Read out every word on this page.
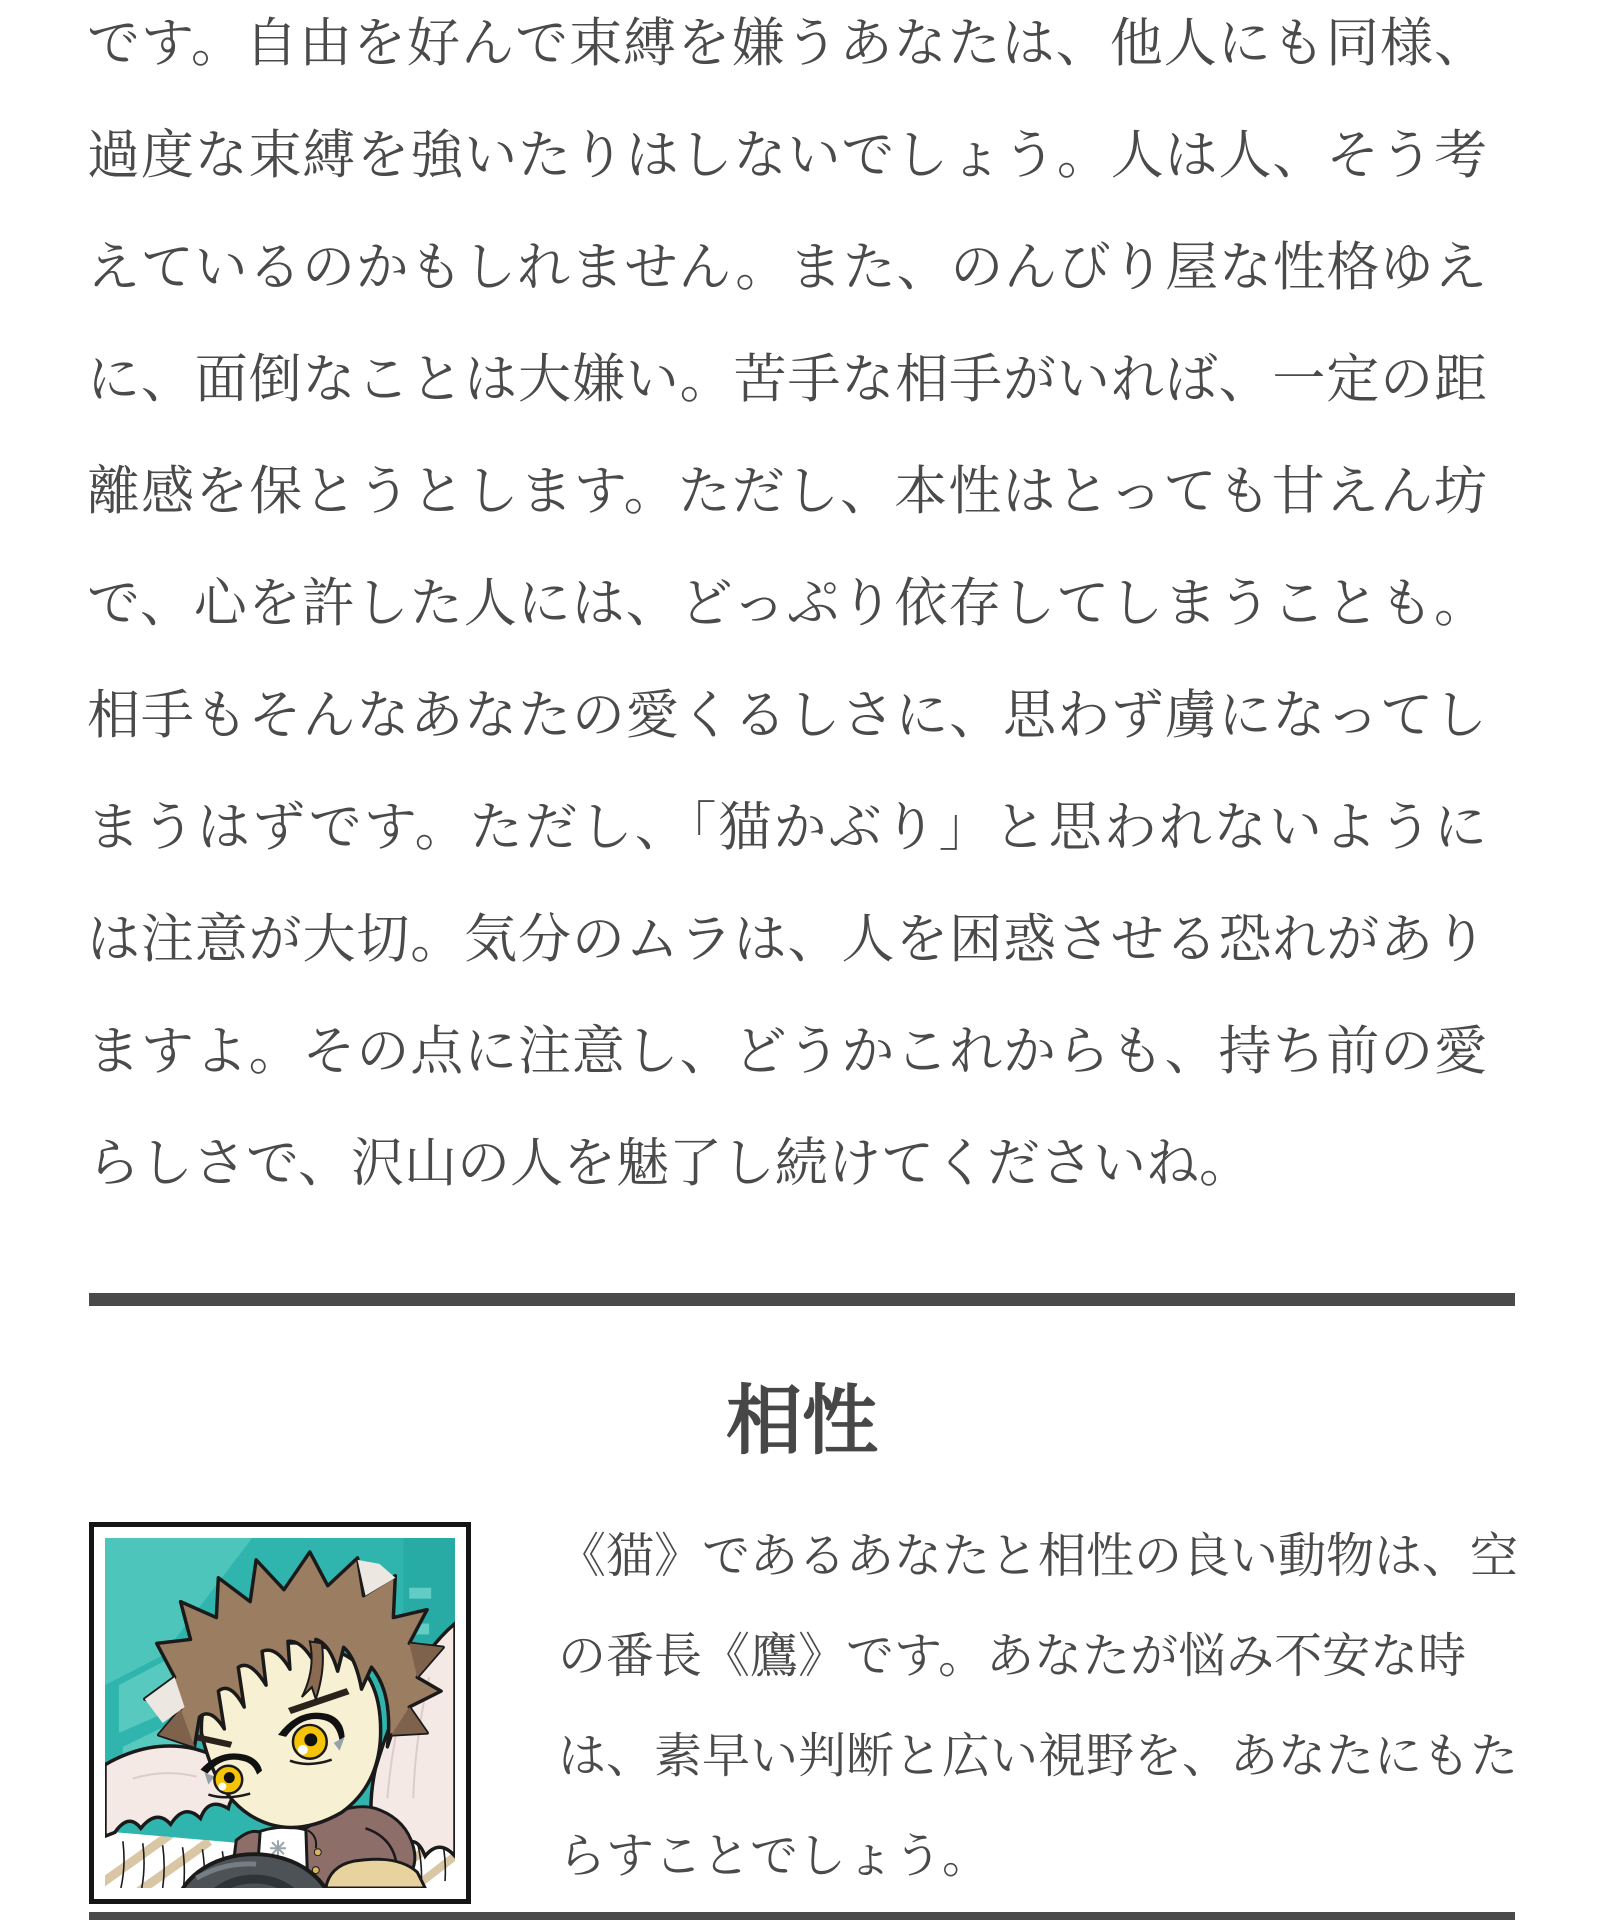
です。自由を好んで束縛を嫌うあなたは、他人にも同様、過度な束縛を強いたりはしないでしょう。人は人、そう考えているのかもしれません。また、のんびり屋な性格ゆえに、面倒なことは大嫌い。苦手な相手がいれば、一定の距離感を保とうとします。ただし、本性はとっても甘えん坊で、心を許した人には、どっぷり依存してしまうことも。相手もそんなあなたの愛くるしさに、思わず虜になってしまうはずです。ただし、「猫かぶり」と思われないようには注意が大切。気分のムラは、人を困惑させる恐れがありますよ。その点に注意し、どうかこれからも、持ち前の愛らしさで、沢山の人を魅了し続けてくださいね。

相性

《猫》であるあなたと相性の良い動物は、空の番長《鷹》です。あなたが悩み不安な時は、素早い判断と広い視野を、あなたにもたらすことでしょう。
